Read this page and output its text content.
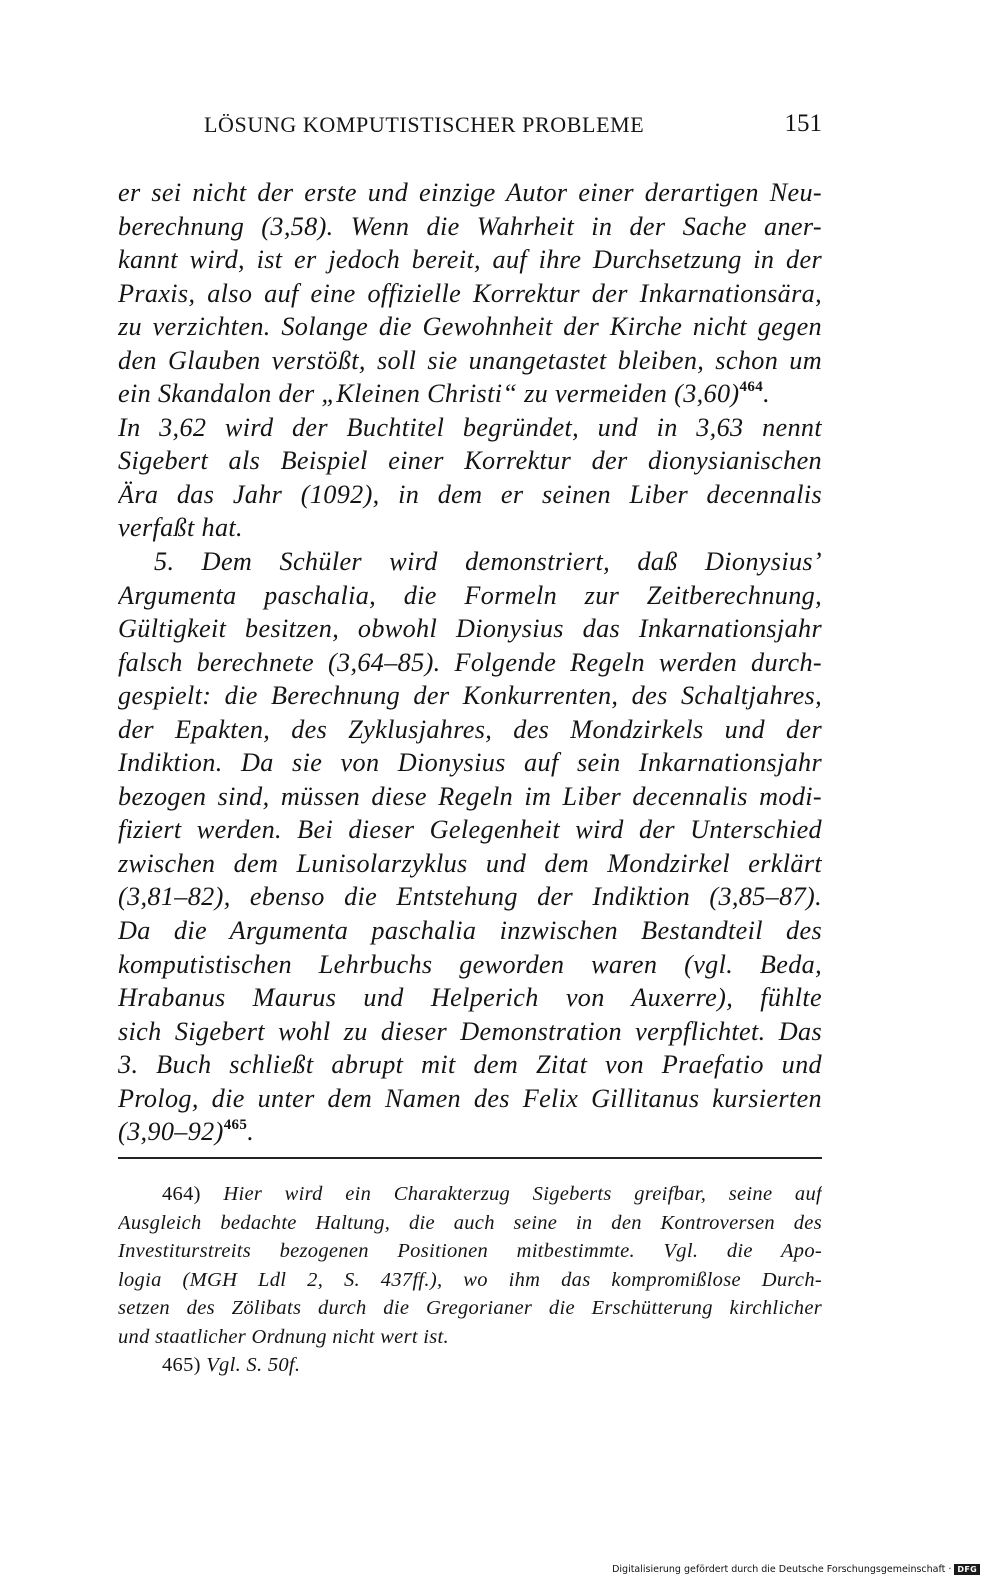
LÖSUNG KOMPUTISTISCHER PROBLEME	151
er sei nicht der erste und einzige Autor einer derartigen Neu-
berechnung (3,58). Wenn die Wahrheit in der Sache aner-
kannt wird, ist er jedoch bereit, auf ihre Durchsetzung in der
Praxis, also auf eine offizielle Korrektur der Inkarnationsära,
zu verzichten. Solange die Gewohnheit der Kirche nicht gegen
den Glauben verstößt, soll sie unangetastet bleiben, schon um
ein Skandalon der „Kleinen Christi“ zu vermeiden (3,60)$^{464}$.
In 3,62 wird der Buchtitel begründet, und in 3,63 nennt
Sigebert als Beispiel einer Korrektur der dionysianischen
Ära das Jahr (1092), in dem er seinen Liber decennalis
verfaßt hat.
5. Dem Schüler wird demonstriert, daß Dionysius’
Argumenta paschalia, die Formeln zur Zeitberechnung,
Gültigkeit besitzen, obwohl Dionysius das Inkarnationsjahr
falsch berechnete (3,64–85). Folgende Regeln werden durch-
gespielt: die Berechnung der Konkurrenten, des Schaltjahres,
der Epakten, des Zyklusjahres, des Mondzirkels und der
Indiktion. Da sie von Dionysius auf sein Inkarnationsjahr
bezogen sind, müssen diese Regeln im Liber decennalis modi-
fiziert werden. Bei dieser Gelegenheit wird der Unterschied
zwischen dem Lunisolarzyklus und dem Mondzirkel erklärt
(3,81–82), ebenso die Entstehung der Indiktion (3,85–87).
Da die Argumenta paschalia inzwischen Bestandteil des
komputistischen Lehrbuchs geworden waren (vgl. Beda,
Hrabanus Maurus und Helperich von Auxerre), fühlte
sich Sigebert wohl zu dieser Demonstration verpflichtet. Das
3. Buch schließt abrupt mit dem Zitat von Praefatio und
Prolog, die unter dem Namen des Felix Gillitanus kursierten
(3,90–92)$^{465}$.
464) Hier wird ein Charakterzug Sigeberts greifbar, seine auf
Ausgleich bedachte Haltung, die auch seine in den Kontroversen des
Investiturstreits bezogenen Positionen mitbestimmte. Vgl. die Apo-
logia (MGH Ldl 2, S. 437ff.), wo ihm das kompromißlose Durch-
setzen des Zölibats durch die Gregorianer die Erschütterung kirchlicher
und staatlicher Ordnung nicht wert ist.
465) Vgl. S. 50f.
Digitalisierung gefördert durch die Deutsche Forschungsgemeinschaft · DFG
